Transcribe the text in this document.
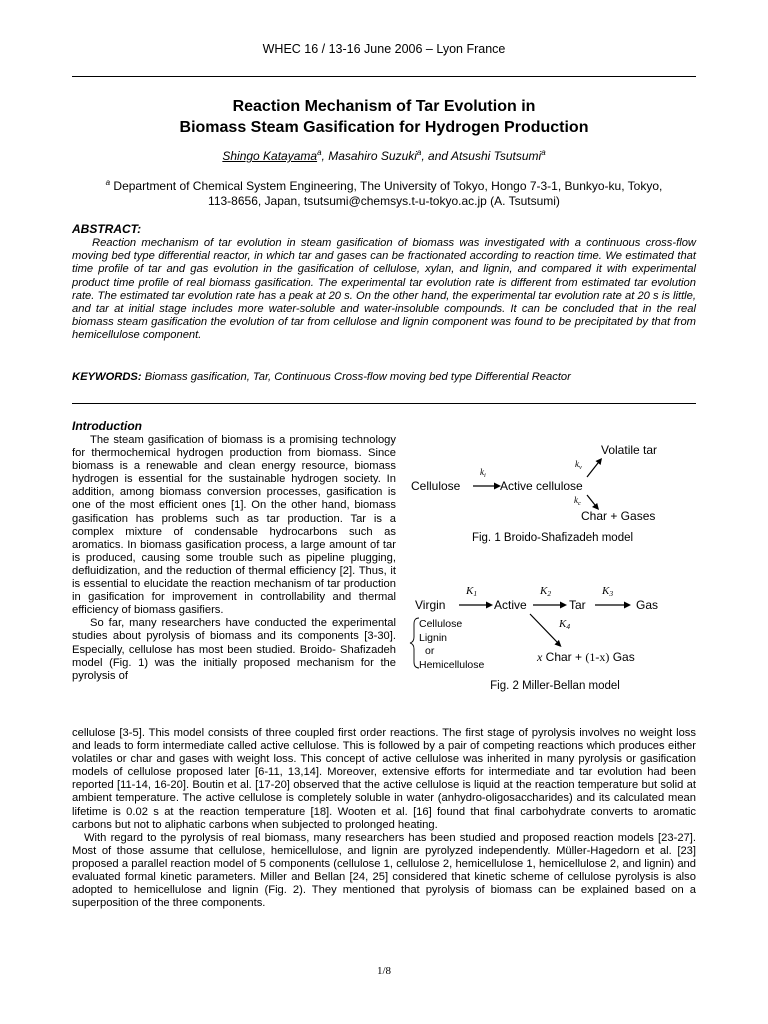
WHEC 16 / 13-16 June 2006 – Lyon France
Reaction Mechanism of Tar Evolution in
Biomass Steam Gasification for Hydrogen Production
Shingo Katayama$^a$, Masahiro Suzuki$^a$, and Atsushi Tsutsumi$^a$
$^a$ Department of Chemical System Engineering, The University of Tokyo, Hongo 7-3-1, Bunkyo-ku, Tokyo,
113-8656, Japan, tsutsumi@chemsys.t-u-tokyo.ac.jp (A. Tsutsumi)
ABSTRACT:
Reaction mechanism of tar evolution in steam gasification of biomass was investigated with a continuous cross-flow moving bed type differential reactor, in which tar and gases can be fractionated according to reaction time. We estimated that time profile of tar and gas evolution in the gasification of cellulose, xylan, and lignin, and compared it with experimental product time profile of real biomass gasification. The experimental tar evolution rate is different from estimated tar evolution rate. The estimated tar evolution rate has a peak at 20 s. On the other hand, the experimental tar evolution rate at 20 s is little, and tar at initial stage includes more water-soluble and water-insoluble compounds. It can be concluded that in the real biomass steam gasification the evolution of tar from cellulose and lignin component was found to be precipitated by that from hemicellulose component.
KEYWORDS: Biomass gasification, Tar, Continuous Cross-flow moving bed type Differential Reactor
Introduction

The steam gasification of biomass is a promising technology for thermochemical hydrogen production from biomass. Since biomass is a renewable and clean energy resource, biomass hydrogen is essential for the sustainable hydrogen society. In addition, among biomass conversion processes, gasification is one of the most efficient ones [1]. On the other hand, biomass gasification has problems such as tar production. Tar is a complex mixture of condensable hydrocarbons such as aromatics. In biomass gasification process, a large amount of tar is produced, causing some trouble such as pipeline plugging, defluidization, and the reduction of thermal efficiency [2]. Thus, it is essential to elucidate the reaction mechanism of tar production in gasification for improvement in controllability and thermal efficiency of biomass gasifiers.

So far, many researchers have conducted the experimental studies about pyrolysis of biomass and its components [3-30]. Especially, cellulose has most been studied. Broido- Shafizadeh model (Fig. 1) was the initially proposed mechanism for the pyrolysis of

Cellulose
$k_i$
Active cellulose
$k_v$
Volatile tar
$k_c$
Char + Gases
Fig. 1 Broido-Shafizadeh model
Virgin
K1
Active
K2
Tar
K3
Gas
K4
Cellulose
Lignin
or
Hemicellulose
x Char + (1-x) Gas
Fig. 2 Miller-Bellan model

cellulose [3-5]. This model consists of three coupled first order reactions. The first stage of pyrolysis involves no weight loss and leads to form intermediate called active cellulose. This is followed by a pair of competing reactions which produces either volatiles or char and gases with weight loss. This concept of active cellulose was inherited in many pyrolysis or gasification models of cellulose proposed later [6-11, 13,14]. Moreover, extensive efforts for intermediate and tar evolution had been reported [11-14, 16-20]. Boutin et al. [17-20] observed that the active cellulose is liquid at the reaction temperature but solid at ambient temperature. The active cellulose is completely soluble in water (anhydro-oligosaccharides) and its calculated mean lifetime is 0.02 s at the reaction temperature [18]. Wooten et al. [16] found that final carbohydrate converts to aromatic carbons but not to aliphatic carbons when subjected to prolonged heating.

With regard to the pyrolysis of real biomass, many researchers has been studied and proposed reaction models [23-27]. Most of those assume that cellulose, hemicellulose, and lignin are pyrolyzed independently. Müller-Hagedorn et al. [23] proposed a parallel reaction model of 5 components (cellulose 1, cellulose 2, hemicellulose 1, hemicellulose 2, and lignin) and evaluated formal kinetic parameters. Miller and Bellan [24, 25] considered that kinetic scheme of cellulose pyrolysis is also adopted to hemicellulose and lignin (Fig. 2). They mentioned that pyrolysis of biomass can be explained based on a superposition of the three components.

1/8
